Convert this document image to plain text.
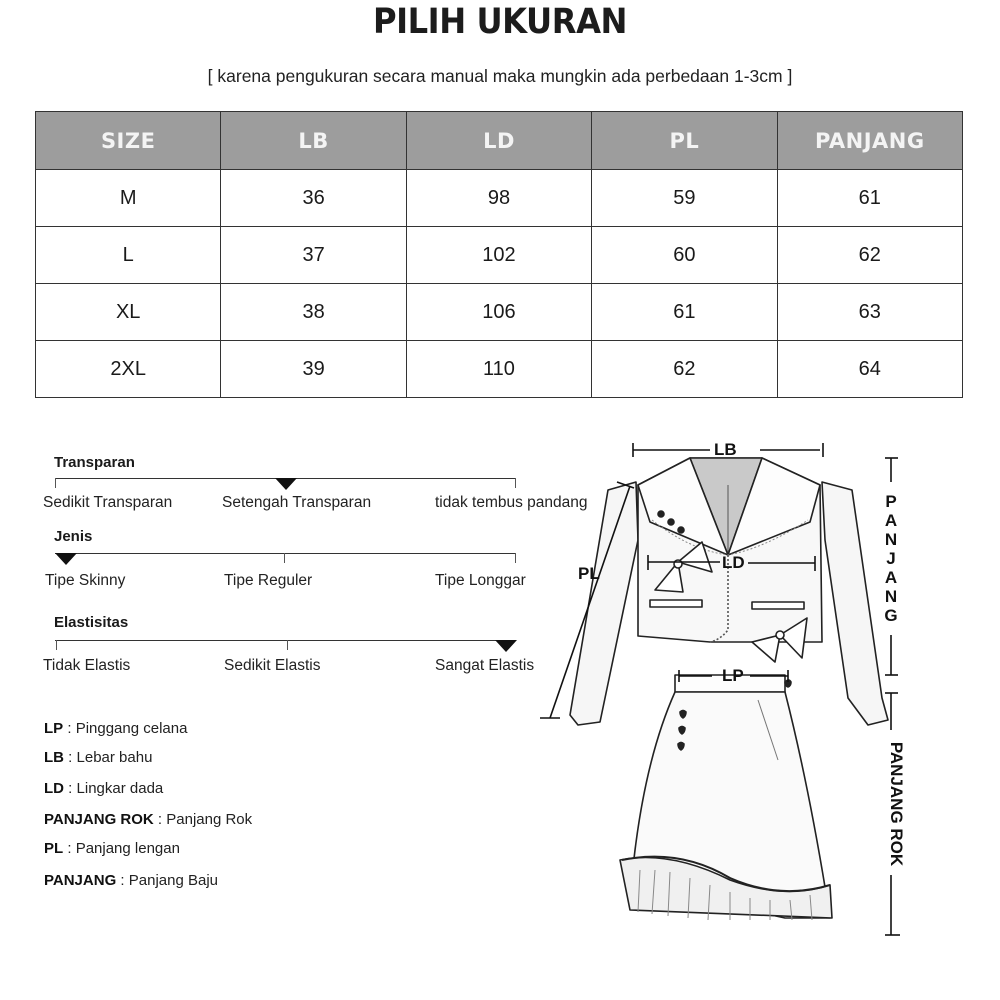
PILIH UKURAN
[ karena pengukuran secara manual maka mungkin ada perbedaan 1-3cm ]
SIZE	LB	LD	PL	PANJANG
M	36	98	59	61
L	37	102	60	62
XL	38	106	61	63
2XL	39	110	62	64
Transparan
Sedikit Transparan	Setengah Transparan	tidak tembus pandang
Jenis
Tipe Skinny	Tipe Reguler	Tipe Longgar
Elastisitas
Tidak Elastis	Sedikit Elastis	Sangat Elastis
LP : Pinggang celana
LB : Lebar bahu
LD : Lingkar dada
PANJANG ROK : Panjang Rok
PL : Panjang lengan
PANJANG : Panjang Baju
LB
LD
PL
LP
PANJANG
PANJANG ROK
